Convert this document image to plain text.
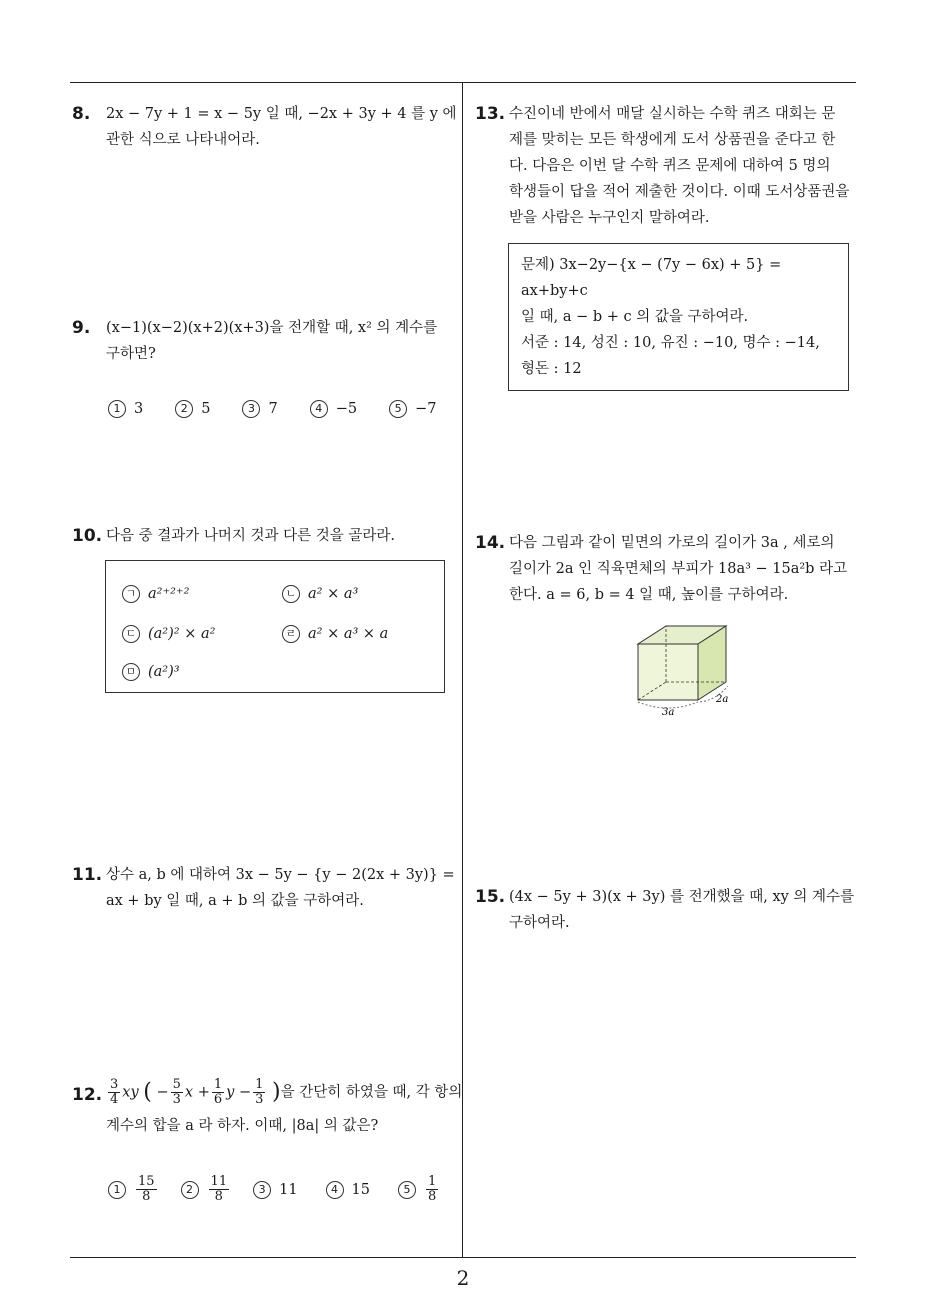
2
8.	2x − 7y + 1 = x − 5y 일 때, −2x + 3y + 4 를 y 에
관한 식으로 나타내어라.
9.	(x−1)(x−2)(x+2)(x+3)을 전개할 때, x² 의 계수를
구하면?
1 3	2 5	3 7	4 −5	5 −7
10. 다음 중 결과가 나머지 것과 다른 것을 골라라.
ㄱ a²⁺²⁺²	ㄴ a² × a³
ㄷ (a²)² × a²	ㄹ a² × a³ × a
ㅁ (a²)³
11. 상수 a, b 에 대하여 3x − 5y − {y − 2(2x + 3y)} =
ax + by 일 때, a + b 의 값을 구하여라.
12. $\frac{3}{4}$ xy ( − $\frac{5}{3}$ $x + \frac{1}{6}$ $y - \frac{1}{3}$ )을 간단히 하였을 때, 각 항의
계수의 합을 a 라 하자. 이때, |8a| 의 값은?
$1 \frac{15}{8}$	$2 \frac{11}{8}$	3 11	4 15	$5 \frac{1}{8}$
13. 수진이네 반에서 매달 실시하는 수학 퀴즈 대회는 문
제를 맞히는 모든 학생에게 도서 상품권을 준다고 한
다. 다음은 이번 달 수학 퀴즈 문제에 대하여 5 명의
학생들이 답을 적어 제출한 것이다. 이때 도서상품권을
받을 사람은 누구인지 말하여라.
문제) 3x−2y−{x − (7y − 6x) + 5} = ax+by+c
일 때, a − b + c 의 값을 구하여라.
서준 : 14, 성진 : 10, 유진 : −10, 명수 : −14,
형돈 : 12
14. 다음 그림과 같이 밑면의 가로의 길이가 3a , 세로의
길이가 2a 인 직육면체의 부피가 18a³ − 15a²b 라고
한다. a = 6, b = 4 일 때, 높이를 구하여라.
3a
2a
15. (4x − 5y + 3)(x + 3y) 를 전개했을 때, xy 의 계수를
구하여라.
